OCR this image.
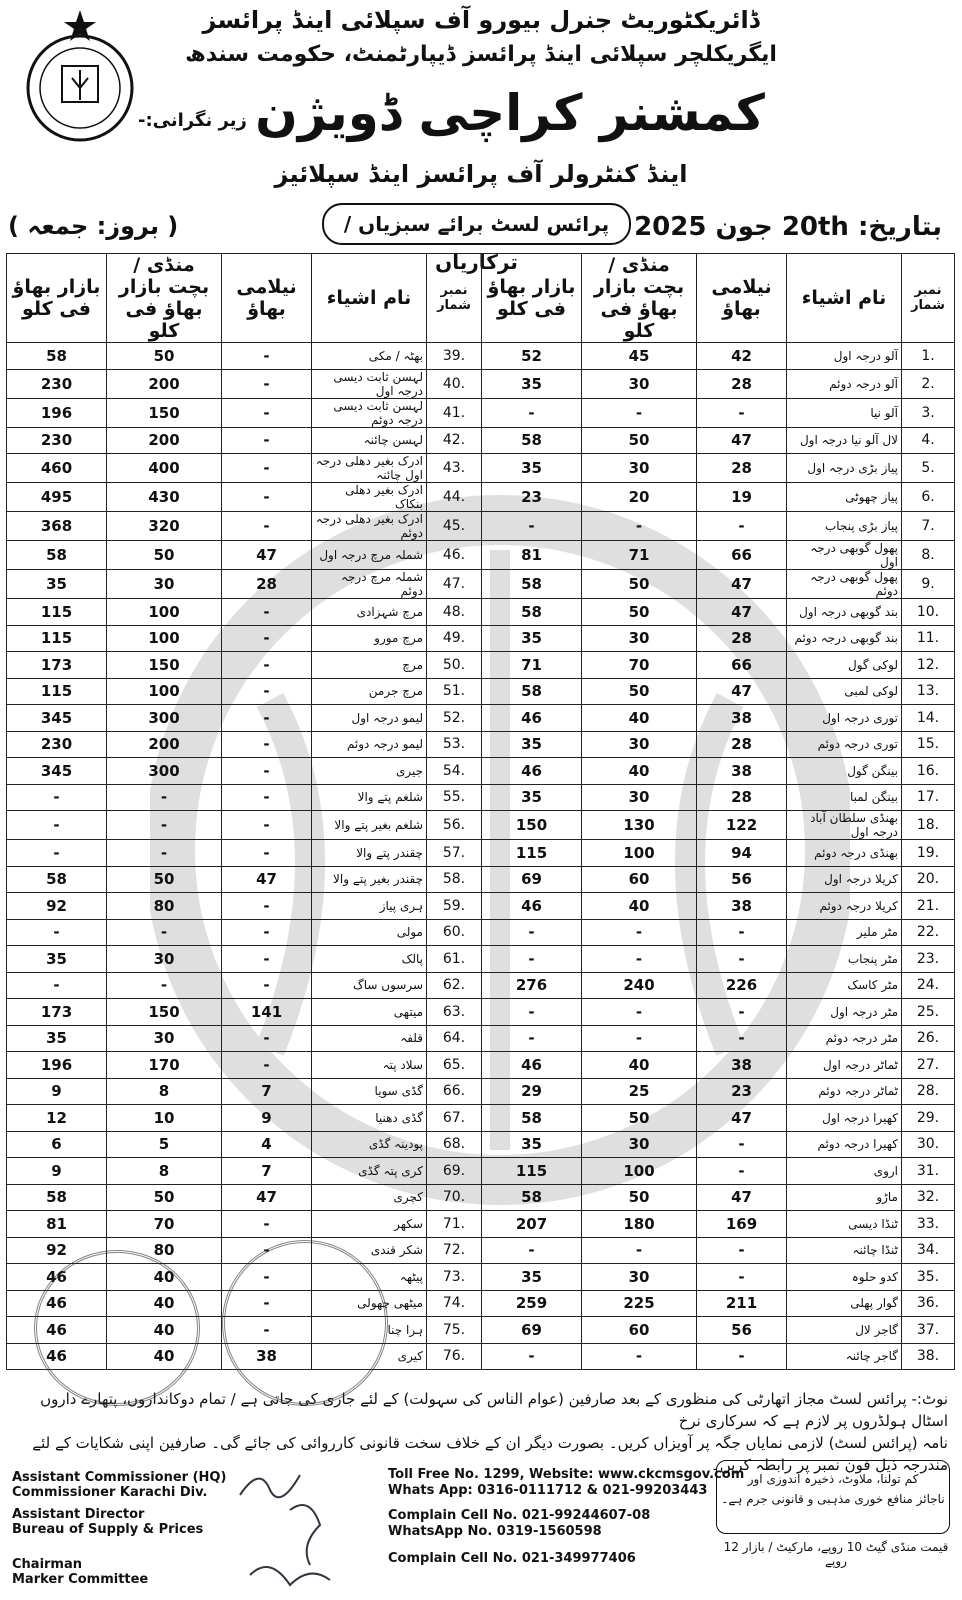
ڈائریکٹوریٹ جنرل بیورو آف سپلائی اینڈ پرائسز
ایگریکلچر سپلائی اینڈ پرائسز ڈیپارٹمنٹ، حکومت سندھ
زیر نگرانی:- کمشنر کراچی ڈویژن
اینڈ کنٹرولر آف پرائسز اینڈ سپلائیز
پرائس لسٹ برائے سبزیاں / ترکاریاں
بتاریخ: 20th جون 2025
( بروز: جمعہ )
بازار بھاؤ فی کلو	منڈی / بچت بازار بھاؤ فی کلو	نیلامی بھاؤ	نام اشیاء	نمبر شمار	بازار بھاؤ فی کلو	منڈی / بچت بازار بھاؤ فی کلو	نیلامی بھاؤ	نام اشیاء	نمبر شمار
58	50	-	بھٹہ / مکی	39.	52	45	42	آلو درجہ اول	1.
230	200	-	لہسن ثابت دیسی درجہ اول	40.	35	30	28	آلو درجہ دوئم	2.
196	150	-	لہسن ثابت دیسی درجہ دوئم	41.	-	-	-	آلو نیا	3.
230	200	-	لہسن چائنہ	42.	58	50	47	لال آلو نیا درجہ اول	4.
460	400	-	ادرک بغیر دھلی درجہ اول چائنہ	43.	35	30	28	پیاز بڑی درجہ اول	5.
495	430	-	ادرک بغیر دھلی بنکاک	44.	23	20	19	پیاز چھوٹی	6.
368	320	-	ادرک بغیر دھلی درجہ دوئم	45.	-	-	-	پیاز بڑی پنجاب	7.
58	50	47	شملہ مرچ درجہ اول	46.	81	71	66	پھول گوبھی درجہ اول	8.
35	30	28	شملہ مرچ درجہ دوئم	47.	58	50	47	پھول گوبھی درجہ دوئم	9.
115	100	-	مرچ شہزادی	48.	58	50	47	بند گوبھی درجہ اول	10.
115	100	-	مرچ مورو	49.	35	30	28	بند گوبھی درجہ دوئم	11.
173	150	-	مرچ	50.	71	70	66	لوکی گول	12.
115	100	-	مرچ جرمن	51.	58	50	47	لوکی لمبی	13.
345	300	-	لیمو درجہ اول	52.	46	40	38	توری درجہ اول	14.
230	200	-	لیمو درجہ دوئم	53.	35	30	28	توری درجہ دوئم	15.
345	300	-	جیری	54.	46	40	38	بینگن گول	16.
-	-	-	شلغم پتے والا	55.	35	30	28	بینگن لمبا	17.
-	-	-	شلغم بغیر پتے والا	56.	150	130	122	بھنڈی سلطان آباد درجہ اول	18.
-	-	-	چقندر پتے والا	57.	115	100	94	بھنڈی درجہ دوئم	19.
58	50	47	چقندر بغیر پتے والا	58.	69	60	56	کریلا درجہ اول	20.
92	80	-	ہری پیاز	59.	46	40	38	کریلا درجہ دوئم	21.
-	-	-	مولی	60.	-	-	-	مٹر ملیر	22.
35	30	-	پالک	61.	-	-	-	مٹر پنجاب	23.
-	-	-	سرسوں ساگ	62.	276	240	226	مٹر کاسک	24.
173	150	141	میتھی	63.	-	-	-	مٹر درجہ اول	25.
35	30	-	قلفہ	64.	-	-	-	مٹر درجہ دوئم	26.
196	170	-	سلاد پتہ	65.	46	40	38	ٹماٹر درجہ اول	27.
9	8	7	گڈی سویا	66.	29	25	23	ٹماٹر درجہ دوئم	28.
12	10	9	گڈی دھنیا	67.	58	50	47	کھیرا درجہ اول	29.
6	5	4	پودینہ گڈی	68.	35	30	-	کھیرا درجہ دوئم	30.
9	8	7	کری پتہ گڈی	69.	115	100	-	اروی	31.
58	50	47	کچری	70.	58	50	47	ماڑو	32.
81	70	-	سکھر	71.	207	180	169	ٹنڈا دیسی	33.
92	80	-	شکر قندی	72.	-	-	-	ٹنڈا چائنہ	34.
46	40	-	پیٹھہ	73.	35	30	-	کدو حلوہ	35.
46	40	-	میٹھی چھولی	74.	259	225	211	گوار پھلی	36.
46	40	-	ہرا چنا	75.	69	60	56	گاجر لال	37.
46	40	38	کیری	76.	-	-	-	گاجر چائنہ	38.
نوٹ:- پرائس لسٹ مجاز اتھارٹی کی منظوری کے بعد صارفین (عوام الناس کی سہولت) کے لئے جاری کی جاتی ہے / تمام دوکانداروں، پتھارے داروں اسٹال ہولڈروں پر لازم ہے کہ سرکاری نرخ
نامہ (پرائس لسٹ) لازمی نمایاں جگہ پر آویزاں کریں۔ بصورت دیگر ان کے خلاف سخت قانونی کارروائی کی جائے گی۔ صارفین اپنی شکایات کے لئے مندرجہ ذیل فون نمبر پر رابطہ کریں۔
Assistant Commissioner (HQ)
Commissioner Karachi Div.
Assistant Director
Bureau of Supply & Prices
Chairman
Marker Committee
Toll Free No. 1299, Website: www.ckcmsgov.com
Whats App: 0316-0111712 & 021-99203443
Complain Cell No. 021-99244607-08
WhatsApp No. 0319-1560598
Complain Cell No. 021-349977406
کم تولنا، ملاوٹ، ذخیرہ اندوزی اور
ناجائز منافع خوری مذہبی و قانونی جرم ہے۔
قیمت منڈی گیٹ 10 روپے، مارکیٹ / بازار 12 روپے
